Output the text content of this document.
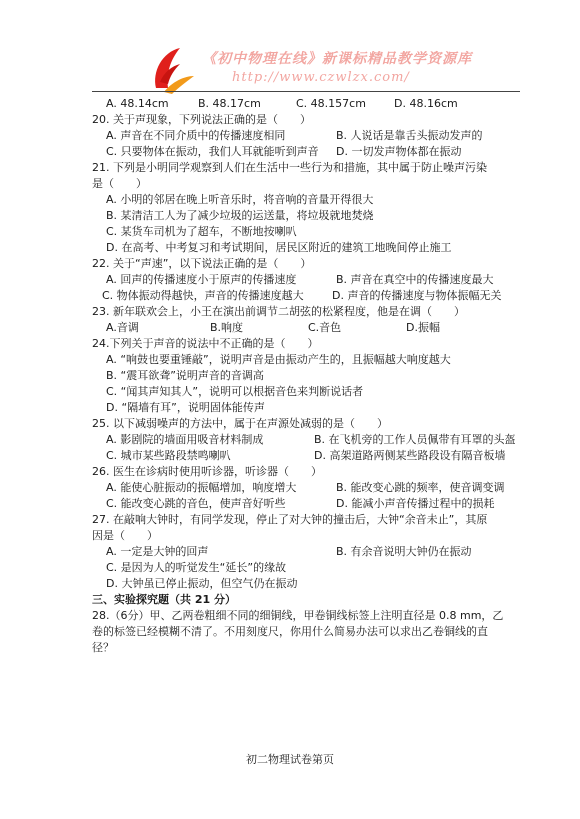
《初中物理在线》新课标精品教学资源库
http://www.czwlzx.com/
A. 48.14cm	B. 48.17cm	C. 48.157cm	D. 48.16cm
20. 关于声现象，下列说法正确的是（　　）
A. 声音在不同介质中的传播速度相同	B. 人说话是靠舌头振动发声的
C. 只要物体在振动，我们人耳就能听到声音 D. 一切发声物体都在振动
21. 下列是小明同学观察到人们在生活中一些行为和措施，其中属于防止噪声污染
是（　　）
A. 小明的邻居在晚上听音乐时，将音响的音量开得很大
B. 某清洁工人为了减少垃圾的运送量，将垃圾就地焚烧
C. 某货车司机为了超车，不断地按喇叭
D. 在高考、中考复习和考试期间，居民区附近的建筑工地晚间停止施工
22. 关于“声速”，以下说法正确的是（　　）
A. 回声的传播速度小于原声的传播速度	B. 声音在真空中的传播速度最大
C. 物体振动得越快，声音的传播速度越大	D. 声音的传播速度与物体振幅无关
23. 新年联欢会上，小王在演出前调节二胡弦的松紧程度，他是在调（　　）
A.音调	B.响度	C.音色	D.振幅
24.下列关于声音的说法中不正确的是（　　）
A. “响鼓也要重锤敲”，说明声音是由振动产生的，且振幅越大响度越大
B. “震耳欲聋”说明声音的音调高
C. “闻其声知其人”，说明可以根据音色来判断说话者
D. “隔墙有耳”，说明固体能传声
25. 以下减弱噪声的方法中，属于在声源处减弱的是（　　）
A. 影剧院的墙面用吸音材料制成	B. 在飞机旁的工作人员佩带有耳罩的头盔
C. 城市某些路段禁鸣喇叭	D. 高架道路两侧某些路段设有隔音板墙
26. 医生在诊病时使用听诊器，听诊器（　　）
A. 能使心脏振动的振幅增加，响度增大	B. 能改变心跳的频率，使音调变调
C. 能改变心跳的音色，使声音好听些	D. 能减小声音传播过程中的损耗
27. 在敲响大钟时，有同学发现，停止了对大钟的撞击后，大钟“余音未止”，其原
因是（　　）
A. 一定是大钟的回声	B. 有余音说明大钟仍在振动
C. 是因为人的听觉发生“延长”的缘故
D. 大钟虽已停止振动，但空气仍在振动
三、实验探究题（共 21 分）
28.（6分）甲、乙两卷粗细不同的细铜线，甲卷铜线标签上注明直径是 0.8 mm，乙
卷的标签已经模糊不清了。不用刻度尺，你用什么简易办法可以求出乙卷铜线的直
径？
初二物理试卷第页
